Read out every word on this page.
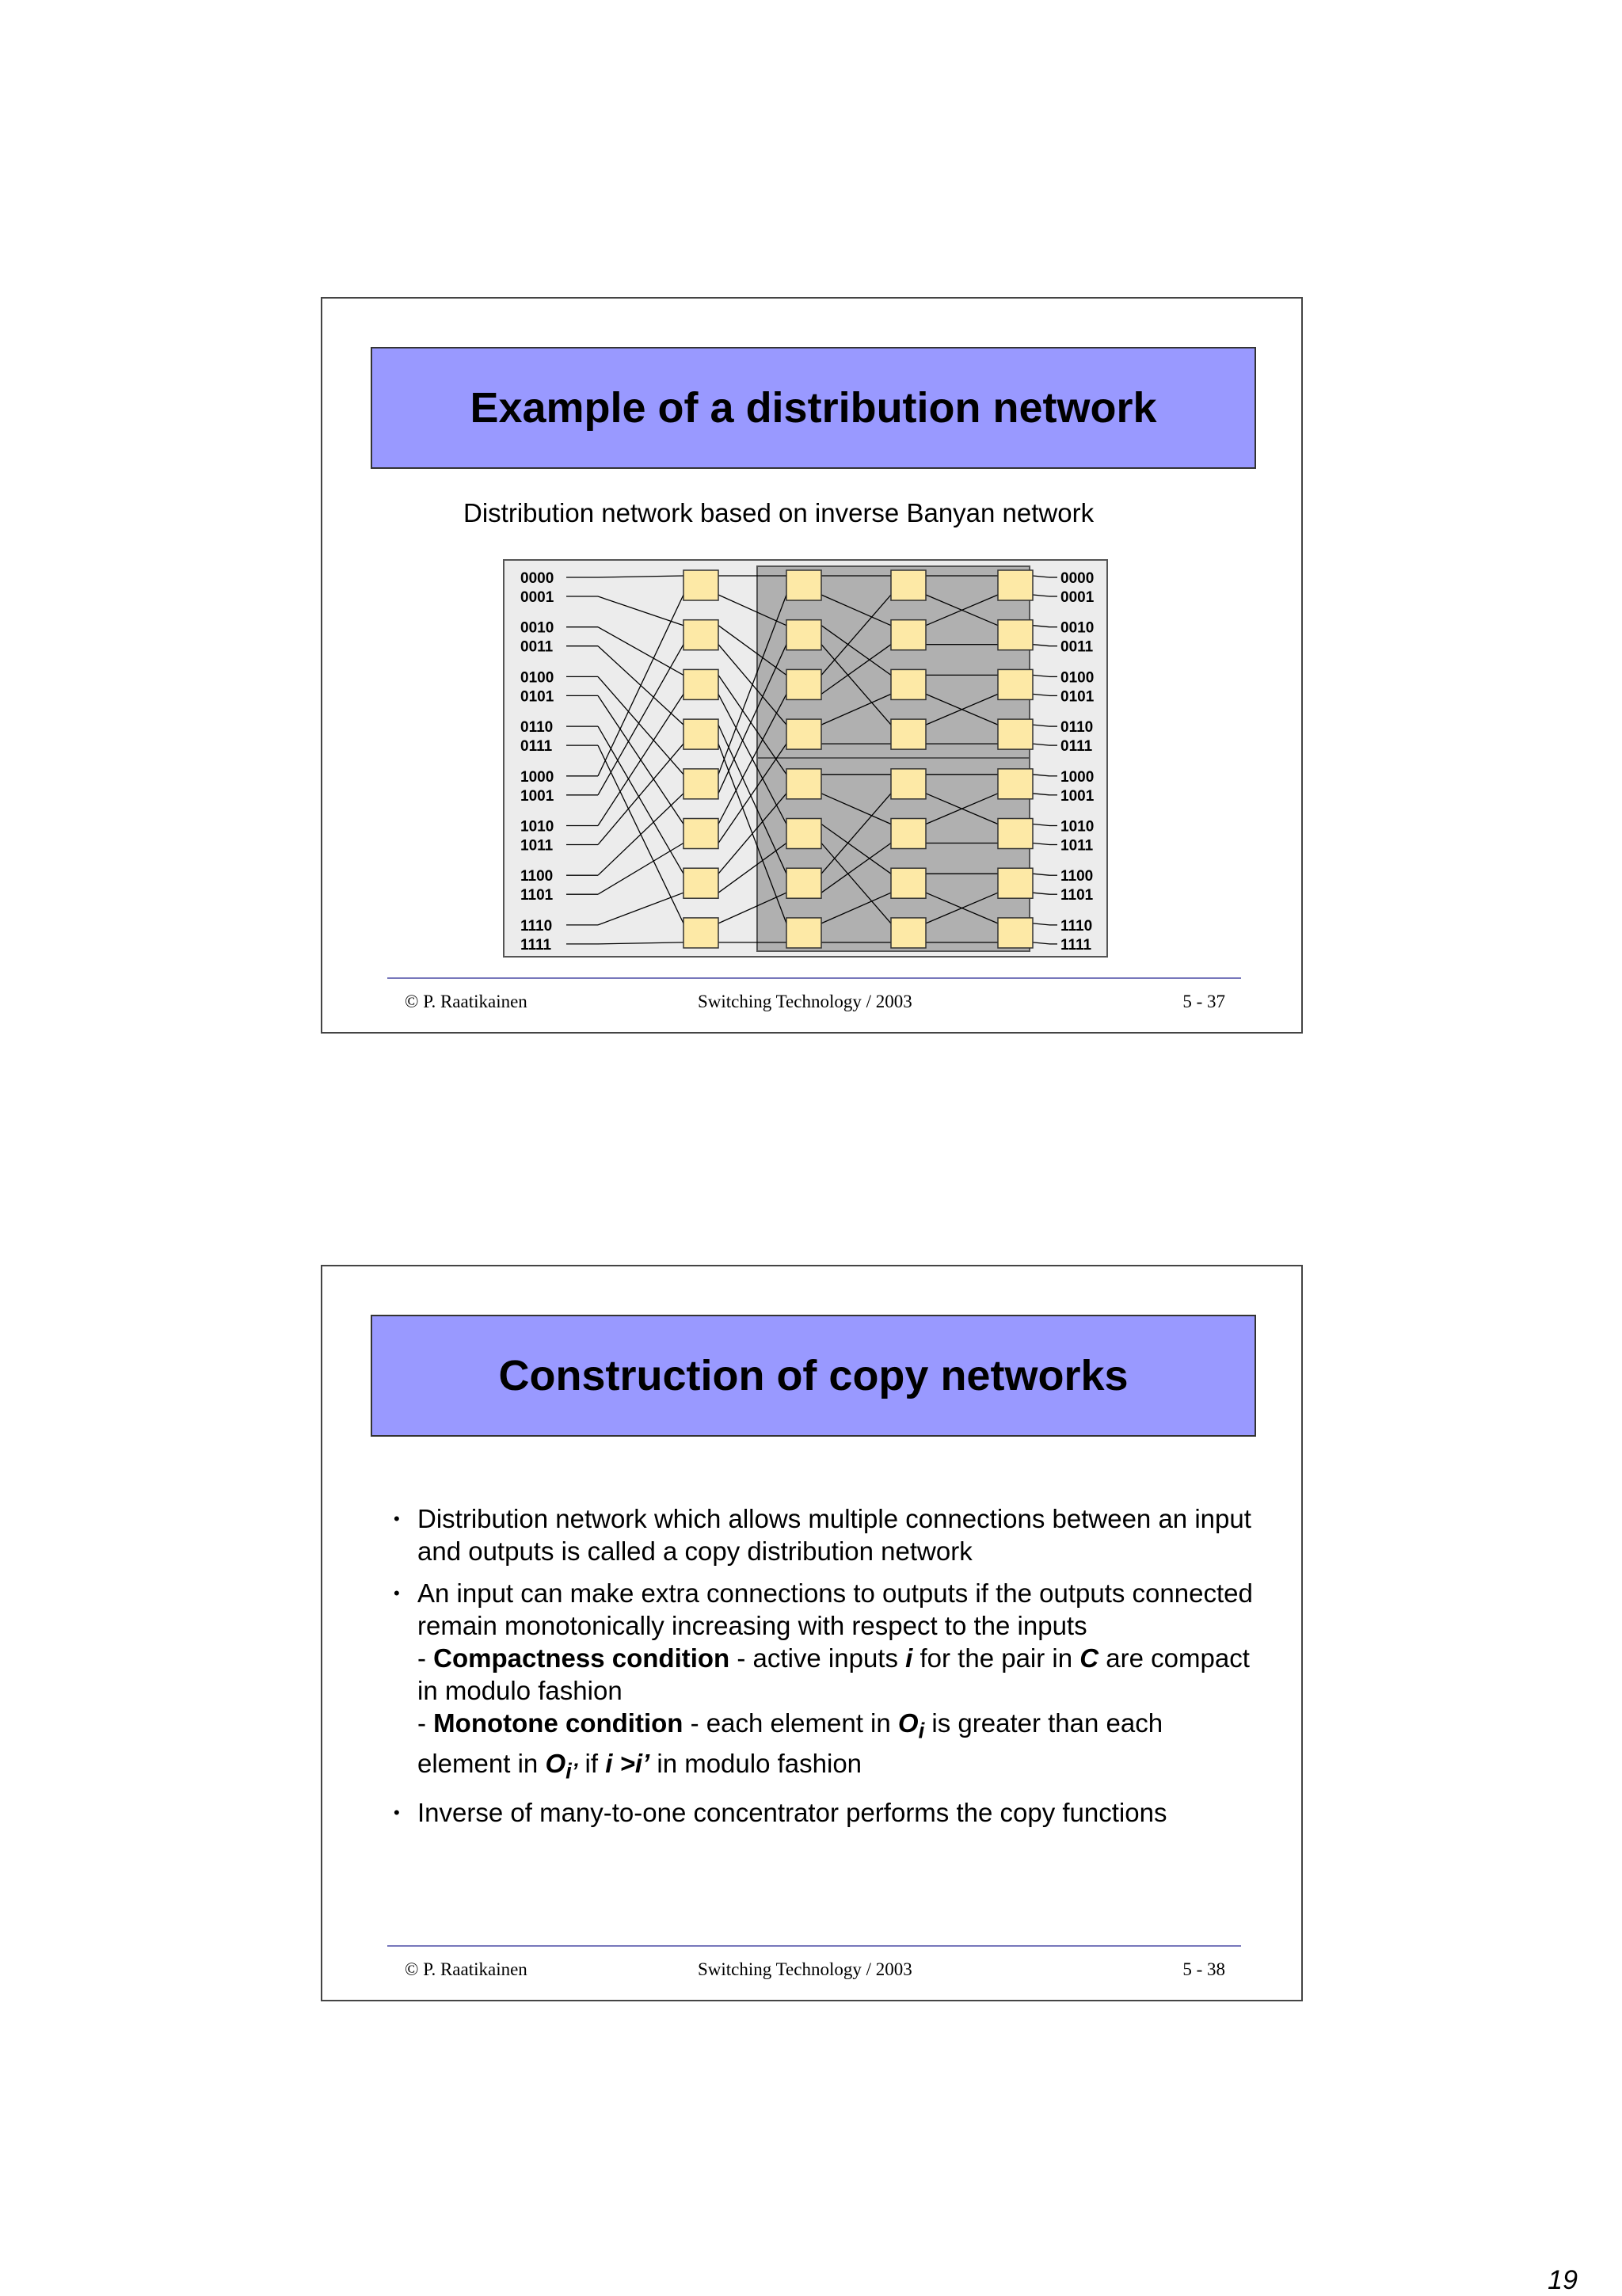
Example of a distribution network
Distribution network based on inverse Banyan network
0000
0001
0010
0011
0100
0101
0110
0111
1000
1001
1010
1011
1100
1101
1110
1111
0000
0001
0010
0011
0100
0101
0110
0111
1000
1001
1010
1011
1100
1101
1110
1111
© P. Raatikainen	Switching Technology / 2003	5 - 37
Construction of copy networks
• Distribution network which allows multiple connections between an input and outputs is called a copy distribution network
• An input can make extra connections to outputs if the outputs connected remain monotonically increasing with respect to the inputs
- Compactness condition - active inputs i for the pair in C are compact in modulo fashion
- Monotone condition - each element in $O_i$ is greater than each element in $O_{i’}$ if i >i’ in modulo fashion
• Inverse of many-to-one concentrator performs the copy functions
© P. Raatikainen	Switching Technology / 2003	5 - 38
19
